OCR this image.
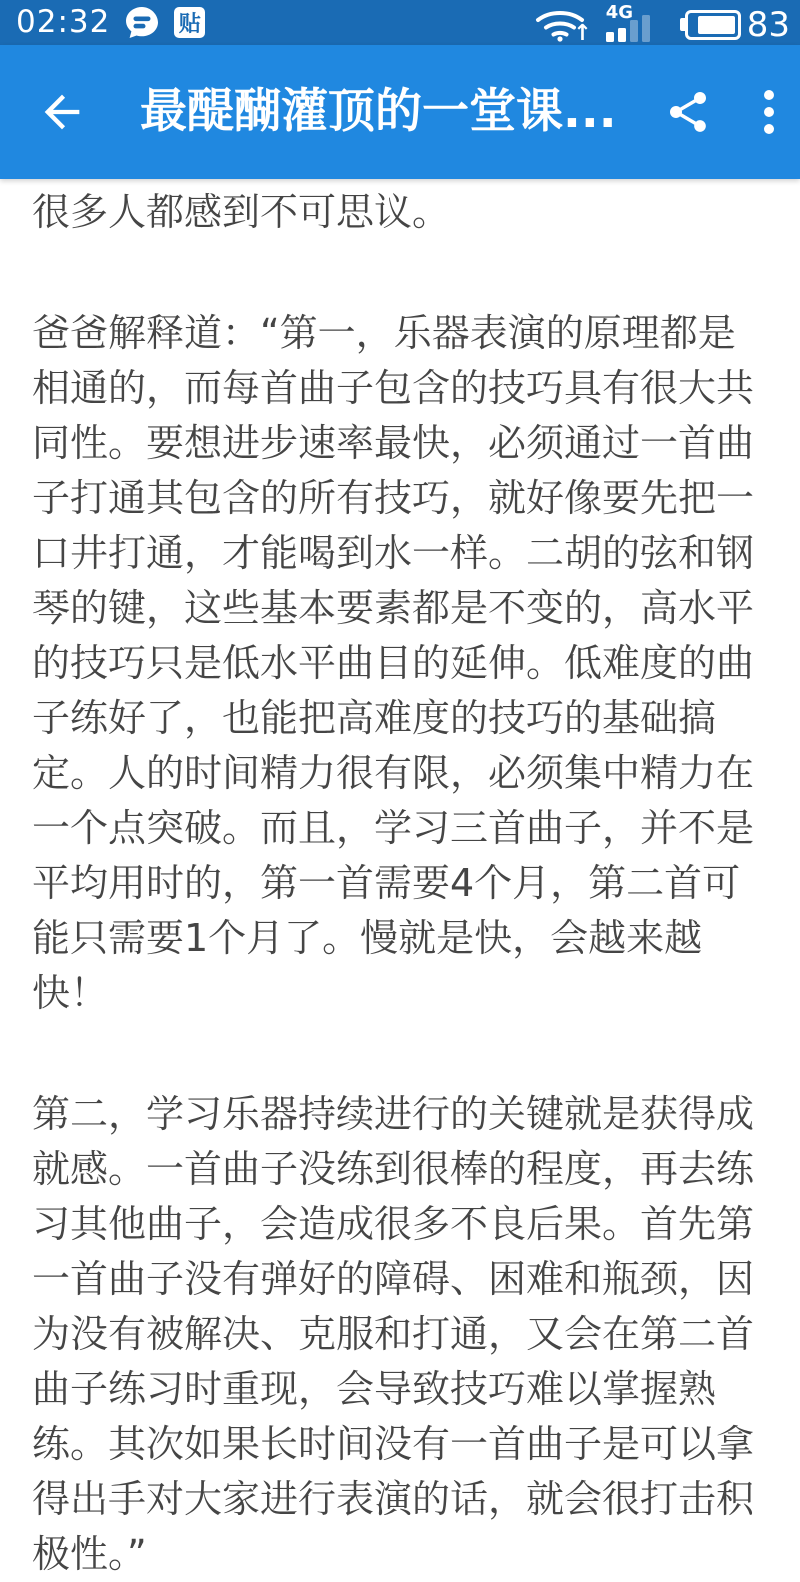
02:32	贴	↑
4G	83
最醍醐灌顶的一堂课...

很多人都感到不可思议。

爸爸解释道：“第一，乐器表演的原理都是相通的，而每首曲子包含的技巧具有很大共同性。要想进步速率最快，必须通过一首曲子打通其包含的所有技巧，就好像要先把一口井打通，才能喝到水一样。二胡的弦和钢琴的键，这些基本要素都是不变的，高水平的技巧只是低水平曲目的延伸。低难度的曲子练好了，也能把高难度的技巧的基础搞定。人的时间精力很有限，必须集中精力在一个点突破。而且，学习三首曲子，并不是平均用时的，第一首需要4个月，第二首可能只需要1个月了。慢就是快，会越来越快！

第二，学习乐器持续进行的关键就是获得成就感。一首曲子没练到很棒的程度，再去练习其他曲子，会造成很多不良后果。首先第一首曲子没有弹好的障碍、困难和瓶颈，因为没有被解决、克服和打通，又会在第二首曲子练习时重现，会导致技巧难以掌握熟练。其次如果长时间没有一首曲子是可以拿得出手对大家进行表演的话，就会很打击积极性。”
